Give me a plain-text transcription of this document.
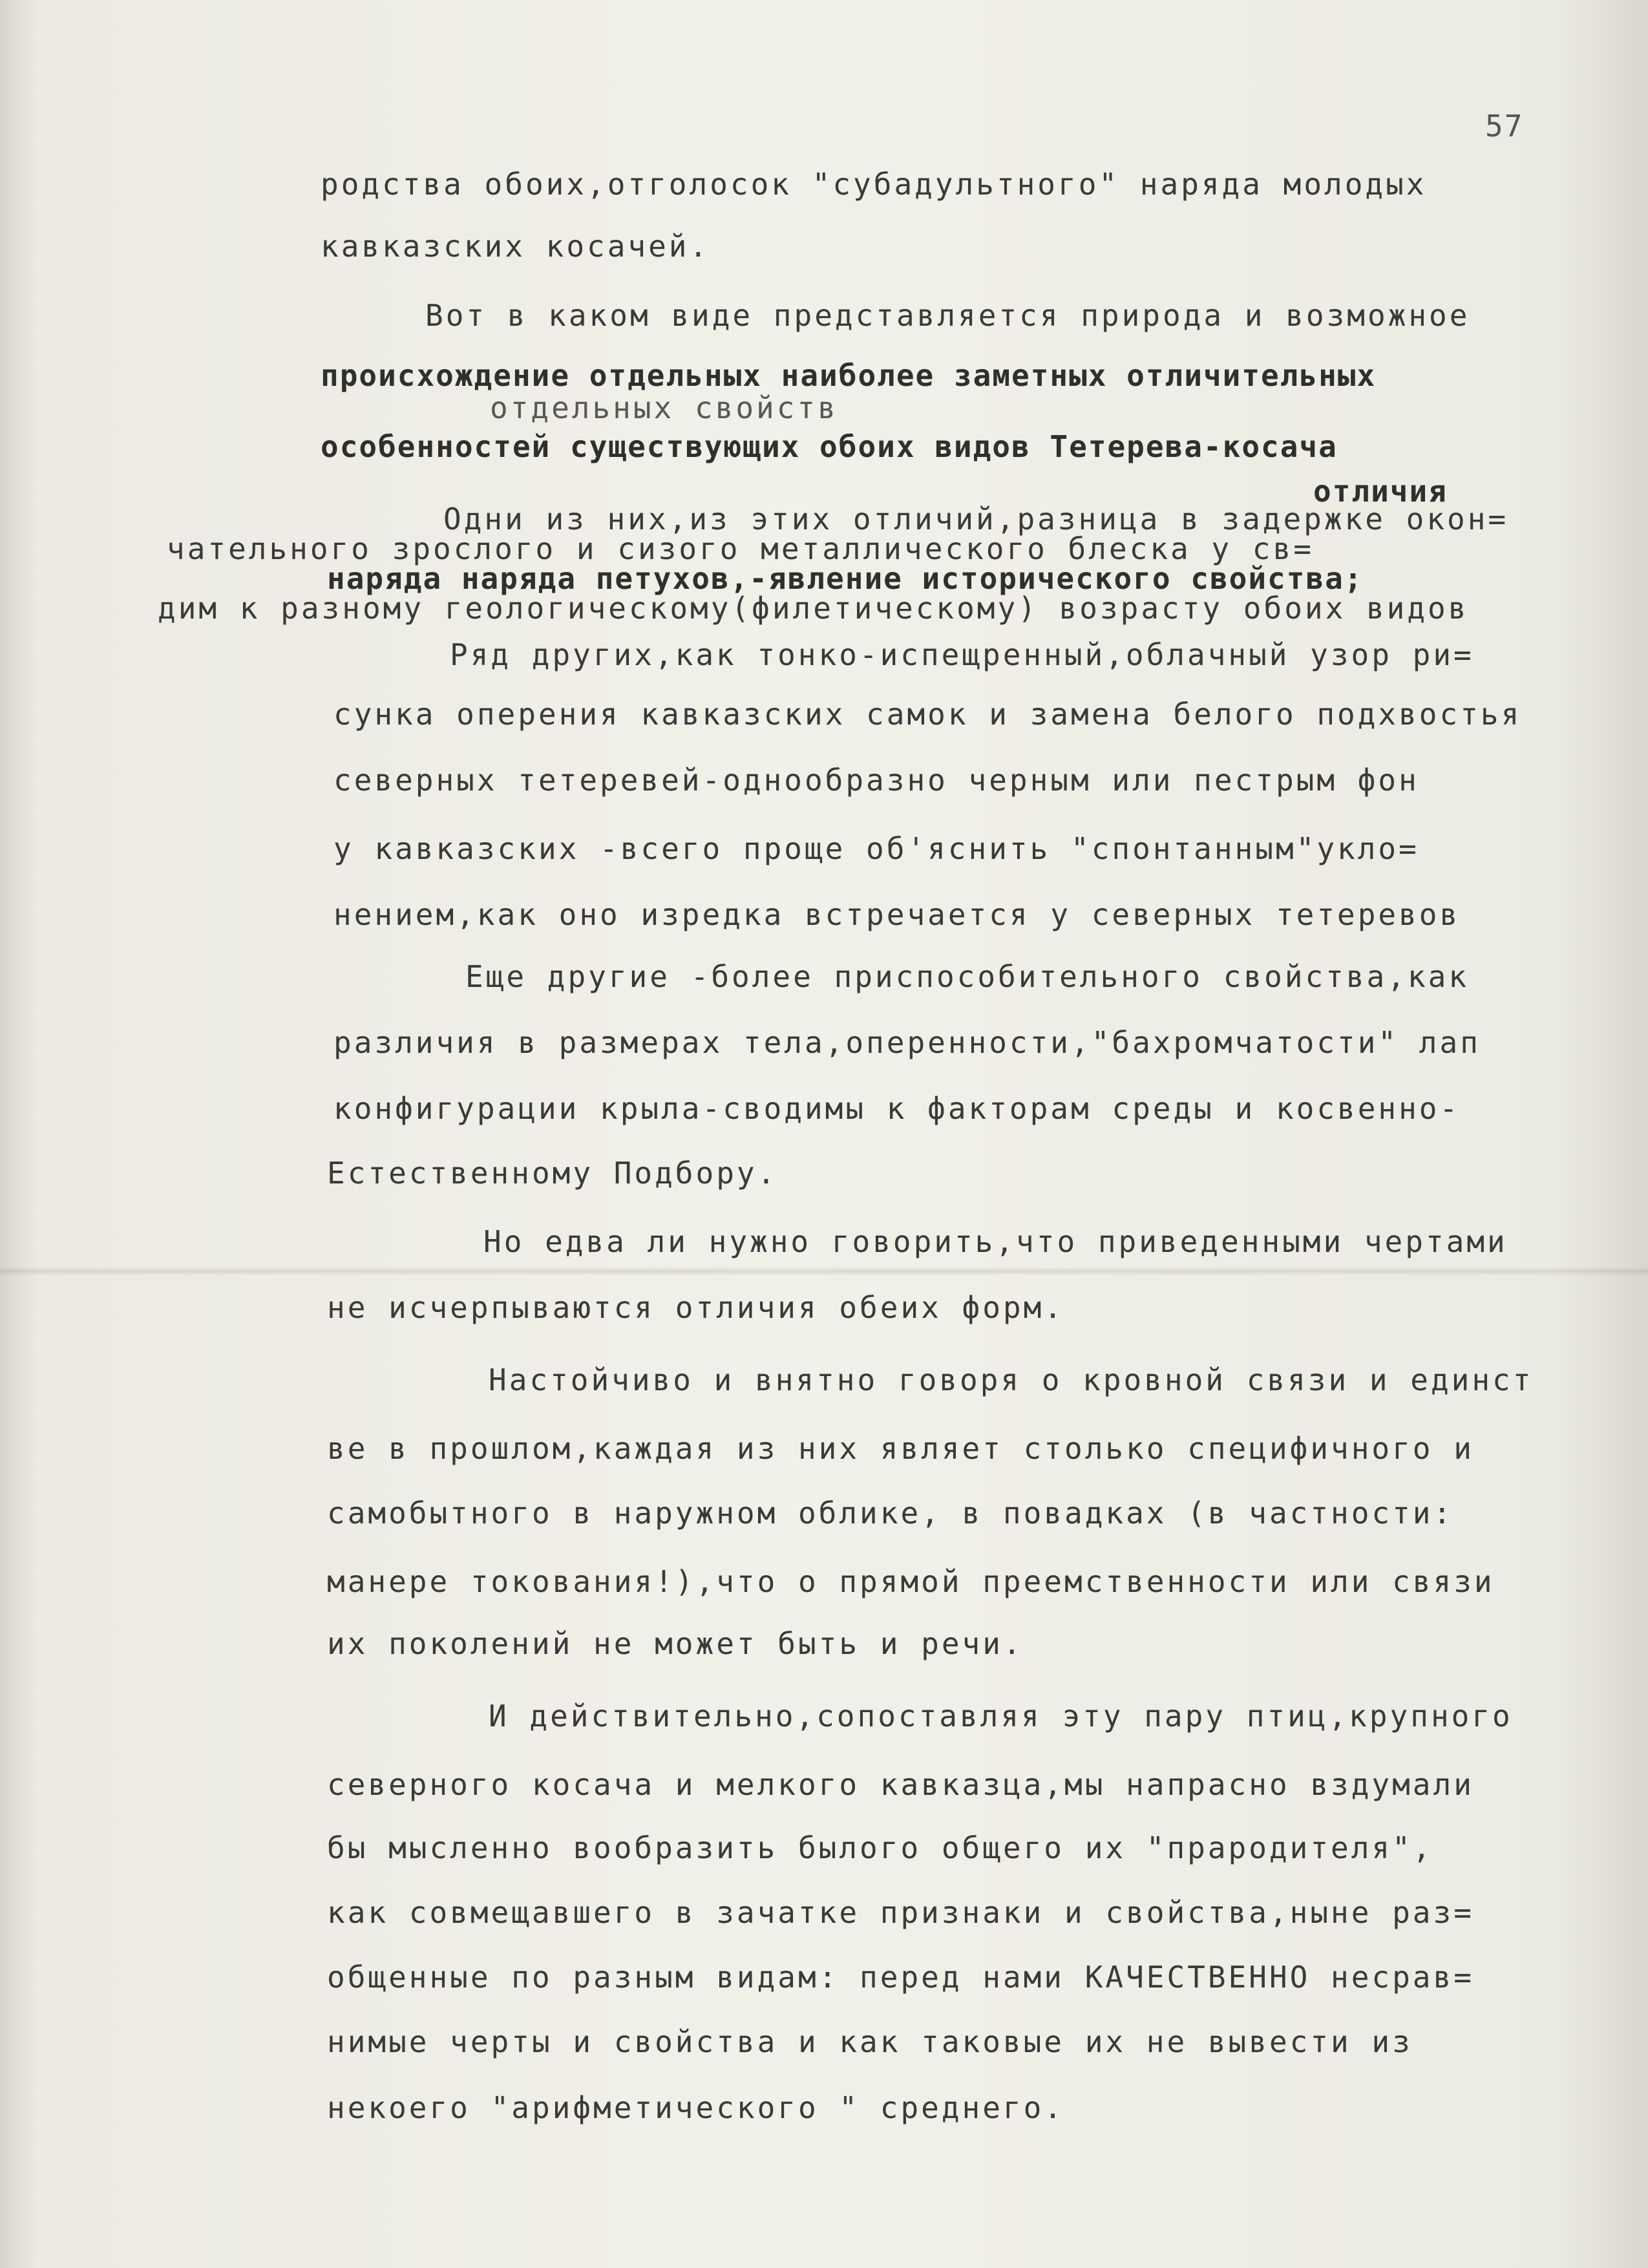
57
родства обоих,отголосок "субадультного" наряда молодых
кавказских косачей.
Вот в каком виде представляется природа и возможное
происхождение отдельных наиболее заметных отличительных
отдельных свойств
особенностей существующих обоих видов Тетерева-косача
отличия
Одни из них,из этих отличий,разница в задержке окон=
чательного зрослого и сизого металлического блеска у св=
наряда наряда петухов,-явление исторического свойства;
дим к разному геологическому(филетическому) возрасту обоих видов
Ряд других,как тонко-испещренный,облачный узор ри=
сунка оперения кавказских самок и замена белого подхвостья
северных тетеревей-однообразно черным или пестрым фон
у кавказских -всего проще об'яснить "спонтанным"укло=
нением,как оно изредка встречается у северных тетеревов
Еще другие -более приспособительного свойства,как
различия в размерах тела,оперенности,"бахромчатости" лап
конфигурации крыла-сводимы к факторам среды и косвенно-
Естественному Подбору.
Но едва ли нужно говорить,что приведенными чертами
не исчерпываются отличия обеих форм.
Настойчиво и внятно говоря о кровной связи и единст
ве в прошлом,каждая из них являет столько специфичного и
самобытного в наружном облике, в повадках (в частности:
манере токования!),что о прямой преемственности или связи
их поколений не может быть и речи.
И действительно,сопоставляя эту пару птиц,крупного
северного косача и мелкого кавказца,мы напрасно вздумали
бы мысленно вообразить былого общего их "прародителя",
как совмещавшего в зачатке признаки и свойства,ныне раз=
общенные по разным видам: перед нами КАЧЕСТВЕННО несрав=
нимые черты и свойства и как таковые их не вывести из
некоего "арифметического " среднего.
